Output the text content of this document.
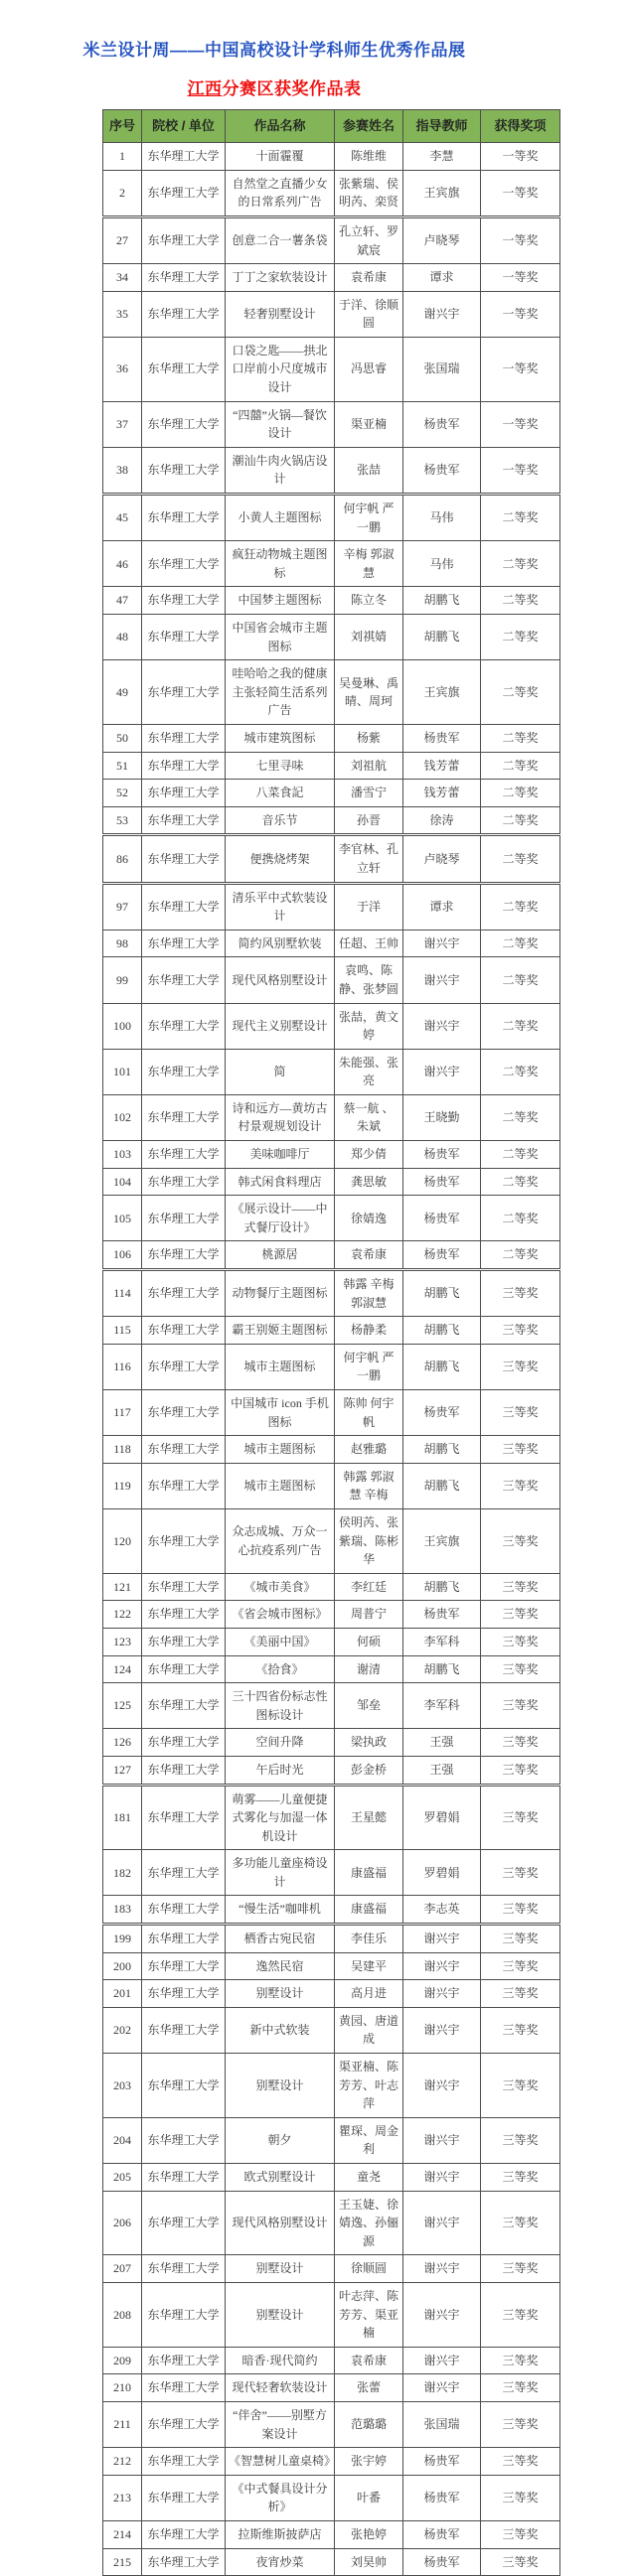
米兰设计周——中国高校设计学科师生优秀作品展
江西分赛区获奖作品表
序号	院校 / 单位	作品名称	参赛姓名	指导教师	获得奖项
1	东华理工大学	十面霾覆	陈维维	李慧	一等奖
2	东华理工大学	自然堂之直播少女的日常系列广告	张紫瑞、侯明芮、栾贤	王宾旗	一等奖
27	东华理工大学	创意二合一薯条袋	孔立轩、罗斌宸	卢晓琴	一等奖
34	东华理工大学	丁丁之家软装设计	袁希康	谭求	一等奖
35	东华理工大学	轻奢别墅设计	于洋、徐顺圆	谢兴宇	一等奖
36	东华理工大学	口袋之匙——拱北口岸前小尺度城市设计	冯思睿	张国瑞	一等奖
37	东华理工大学	“四囍”火锅—餐饮设计	渠亚楠	杨贵军	一等奖
38	东华理工大学	潮汕牛肉火锅店设计	张喆	杨贵军	一等奖
45	东华理工大学	小黄人主题图标	何宇帆 严一鹏	马伟	二等奖
46	东华理工大学	疯狂动物城主题图标	辛梅 郭淑慧	马伟	二等奖
47	东华理工大学	中国梦主题图标	陈立冬	胡鹏飞	二等奖
48	东华理工大学	中国省会城市主题图标	刘祺婧	胡鹏飞	二等奖
49	东华理工大学	哇哈哈之我的健康主张轻简生活系列广告	吴曼琳、禹晴、周珂	王宾旗	二等奖
50	东华理工大学	城市建筑图标	杨紫	杨贵军	二等奖
51	东华理工大学	七里寻味	刘祖航	钱芳蕾	二等奖
52	东华理工大学	八菜食記	潘雪宁	钱芳蕾	二等奖
53	东华理工大学	音乐节	孙晋	徐涛	二等奖
86	东华理工大学	便携烧烤架	李官林、孔立轩	卢晓琴	二等奖
97	东华理工大学	清乐平中式软装设计	于洋	谭求	二等奖
98	东华理工大学	简约风别墅软装	任超、王帅	谢兴宇	二等奖
99	东华理工大学	现代风格别墅设计	袁鸣、陈静、张梦圆	谢兴宇	二等奖
100	东华理工大学	现代主义别墅设计	张喆，黄文婷	谢兴宇	二等奖
101	东华理工大学	简	朱能强、张亮	谢兴宇	二等奖
102	东华理工大学	诗和远方—黄坊古村景观规划设计	蔡一航 、朱斌	王晓勤	二等奖
103	东华理工大学	美味咖啡厅	郑少倩	杨贵军	二等奖
104	东华理工大学	韩式闲食料理店	龚思敏	杨贵军	二等奖
105	东华理工大学	《展示设计——中式餐厅设计》	徐婧逸	杨贵军	二等奖
106	东华理工大学	桃源居	袁希康	杨贵军	二等奖
114	东华理工大学	动物餐厅主题图标	韩露 辛梅 郭淑慧	胡鹏飞	三等奖
115	东华理工大学	霸王别姬主题图标	杨静柔	胡鹏飞	三等奖
116	东华理工大学	城市主题图标	何宇帆 严一鹏	胡鹏飞	三等奖
117	东华理工大学	中国城市 icon 手机图标	陈帅 何宇帆	杨贵军	三等奖
118	东华理工大学	城市主题图标	赵雅璐	胡鹏飞	三等奖
119	东华理工大学	城市主题图标	韩露 郭淑慧 辛梅	胡鹏飞	三等奖
120	东华理工大学	众志成城、万众一心抗疫系列广告	侯明芮、张紫瑞、陈彬华	王宾旗	三等奖
121	东华理工大学	《城市美食》	李红廷	胡鹏飞	三等奖
122	东华理工大学	《省会城市图标》	周普宁	杨贵军	三等奖
123	东华理工大学	《美丽中国》	何硕	李军科	三等奖
124	东华理工大学	《拾食》	谢清	胡鹏飞	三等奖
125	东华理工大学	三十四省份标志性图标设计	邹垒	李军科	三等奖
126	东华理工大学	空间升降	梁执政	王强	三等奖
127	东华理工大学	午后时光	彭金桥	王强	三等奖
181	东华理工大学	萌雾——儿童便捷式雾化与加湿一体机设计	王星懿	罗碧娟	三等奖
182	东华理工大学	多功能儿童座椅设计	康盛福	罗碧娟	三等奖
183	东华理工大学	“慢生活”咖啡机	康盛福	李志英	三等奖
199	东华理工大学	栖香古宛民宿	李佳乐	谢兴宇	三等奖
200	东华理工大学	逸然民宿	吴建平	谢兴宇	三等奖
201	东华理工大学	别墅设计	高月进	谢兴宇	三等奖
202	东华理工大学	新中式软装	黄园、唐道成	谢兴宇	三等奖
203	东华理工大学	别墅设计	渠亚楠、陈芳芳、叶志萍	谢兴宇	三等奖
204	东华理工大学	朝夕	瞿琛、周金利	谢兴宇	三等奖
205	东华理工大学	欧式别墅设计	童尧	谢兴宇	三等奖
206	东华理工大学	现代风格别墅设计	王玉婕、徐婧逸、孙俪源	谢兴宇	三等奖
207	东华理工大学	别墅设计	徐顺圆	谢兴宇	三等奖
208	东华理工大学	别墅设计	叶志萍、陈芳芳、渠亚楠	谢兴宇	三等奖
209	东华理工大学	暗香·现代简约	袁希康	谢兴宇	三等奖
210	东华理工大学	现代轻奢软装设计	张蕾	谢兴宇	三等奖
211	东华理工大学	“伴舍”——别墅方案设计	范璐璐	张国瑞	三等奖
212	东华理工大学	《智慧树儿童桌椅》	张宇婷	杨贵军	三等奖
213	东华理工大学	《中式餐具设计分析》	叶番	杨贵军	三等奖
214	东华理工大学	拉斯维斯披萨店	张艳婷	杨贵军	三等奖
215	东华理工大学	夜宵炒菜	刘昊帅	杨贵军	三等奖
